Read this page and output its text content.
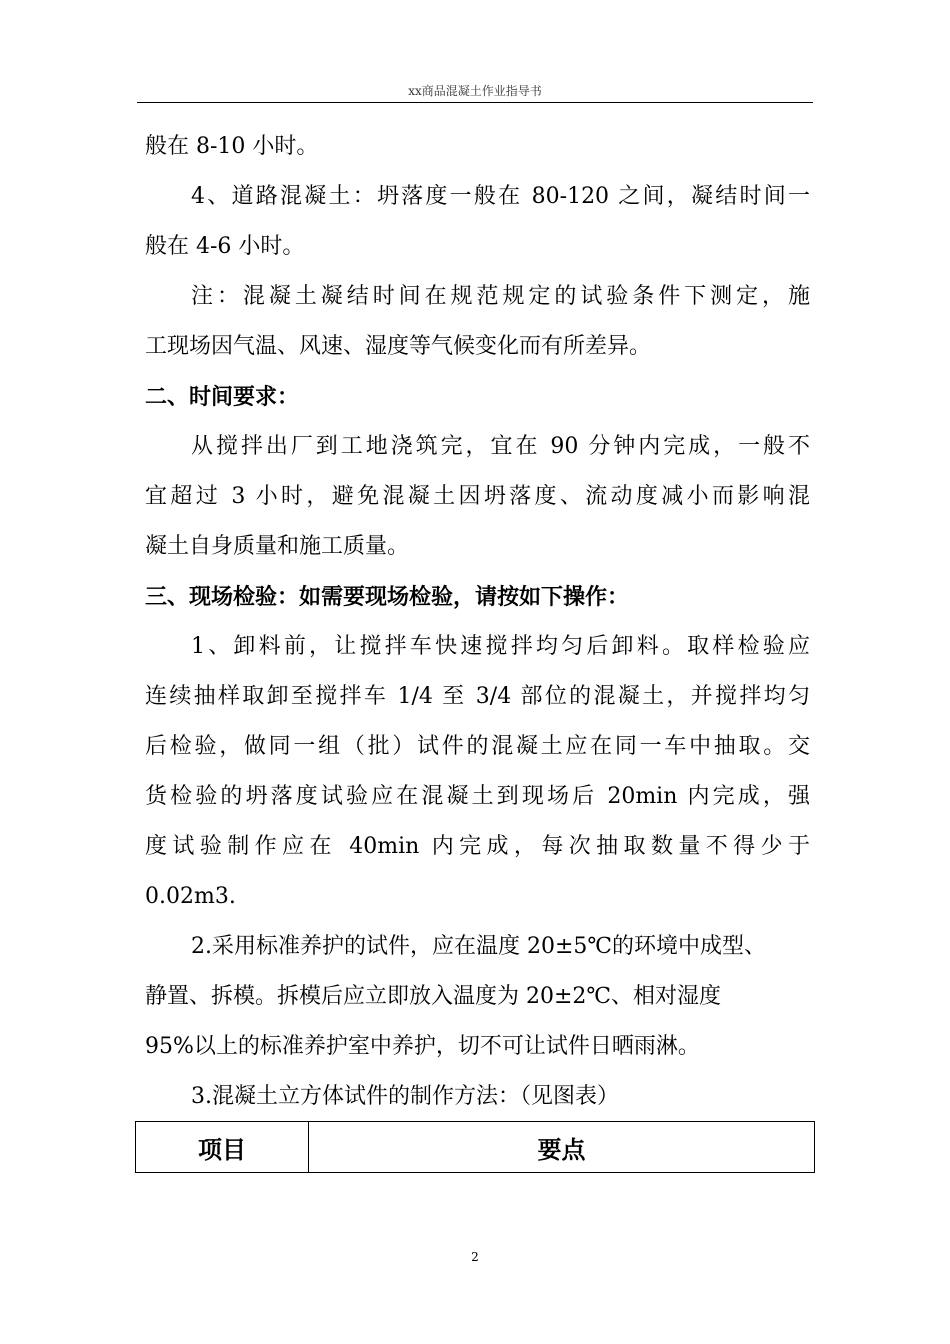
xx商品混凝土作业指导书
般在 8-10 小时。
4、道路混凝土：坍落度一般在 80-120 之间，凝结时间一
般在 4-6 小时。
注：混凝土凝结时间在规范规定的试验条件下测定，施
工现场因气温、风速、湿度等气候变化而有所差异。
二、时间要求：
从搅拌出厂到工地浇筑完，宜在 90 分钟内完成，一般不
宜超过 3 小时，避免混凝土因坍落度、流动度减小而影响混
凝土自身质量和施工质量。
三、现场检验：如需要现场检验，请按如下操作：
1、卸料前，让搅拌车快速搅拌均匀后卸料。取样检验应
连续抽样取卸至搅拌车 1/4 至 3/4 部位的混凝土，并搅拌均匀
后检验，做同一组（批）试件的混凝土应在同一车中抽取。交
货检验的坍落度试验应在混凝土到现场后 20min 内完成，强
度试验制作应在 40min 内完成，每次抽取数量不得少于
0.02m3.
2.采用标准养护的试件，应在温度 20±5℃的环境中成型、
静置、拆模。拆模后应立即放入温度为 20±2℃、相对湿度
95%以上的标准养护室中养护，切不可让试件日晒雨淋。
3.混凝土立方体试件的制作方法：（见图表）
项目	要点
2
